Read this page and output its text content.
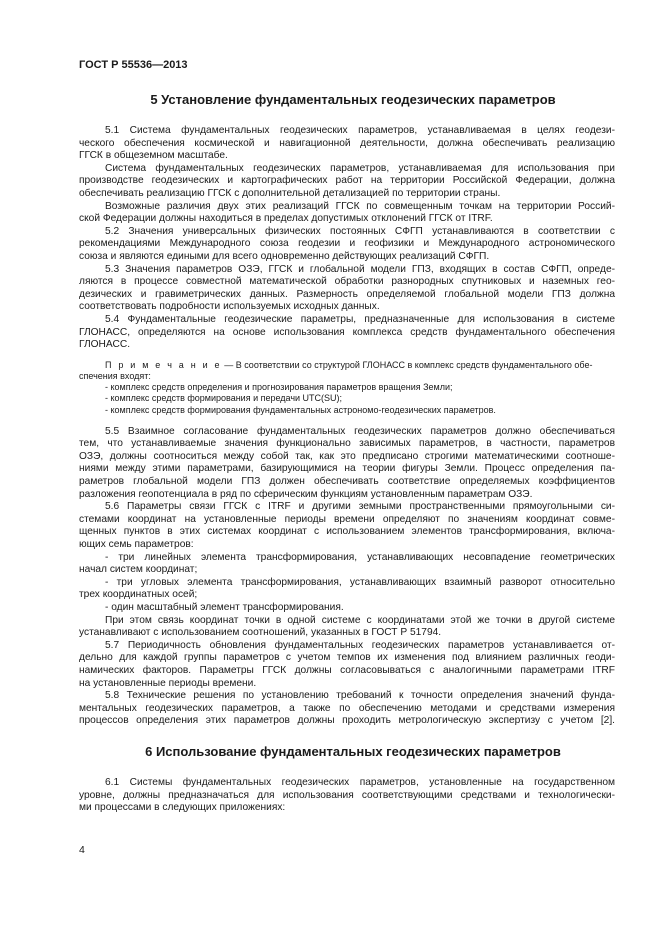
ГОСТ Р 55536—2013

5 Установление фундаментальных геодезических параметров

5.1 Система фундаментальных геодезических параметров, устанавливаемая в целях геодези-
ческого обеспечения космической и навигационной деятельности, должна обеспечивать реализацию
ГГСК в общеземном масштабе.

Система фундаментальных геодезических параметров, устанавливаемая для использования при
производстве геодезических и картографических работ на территории Российской Федерации, должна
обеспечивать реализацию ГГСК с дополнительной детализацией по территории страны.

Возможные различия двух этих реализаций ГГСК по совмещенным точкам на территории Россий-
ской Федерации должны находиться в пределах допустимых отклонений ГГСК от ITRF.

5.2 Значения универсальных физических постоянных СФГП устанавливаются в соответствии с
рекомендациями Международного союза геодезии и геофизики и Международного астрономического
союза и являются едиными для всего одновременно действующих реализаций СФГП.

5.3 Значения параметров ОЗЭ, ГГСК и глобальной модели ГПЗ, входящих в состав СФГП, опреде-
ляются в процессе совместной математической обработки разнородных спутниковых и наземных гео-
дезических и гравиметрических данных. Размерность определяемой глобальной модели ГПЗ должна
соответствовать подробности используемых исходных данных.

5.4 Фундаментальные геодезические параметры, предназначенные для использования в системе
ГЛОНАСС, определяются на основе использования комплекса средств фундаментального обеспечения
ГЛОНАСС.

П р и м е ч а н и е — В соответствии со структурой ГЛОНАСС в комплекс средств фундаментального обе-
спечения входят:
- комплекс средств определения и прогнозирования параметров вращения Земли;
- комплекс средств формирования и передачи UTC(SU);
- комплекс средств формирования фундаментальных астрономо-геодезических параметров.

5.5 Взаимное согласование фундаментальных геодезических параметров должно обеспечиваться
тем, что устанавливаемые значения функционально зависимых параметров, в частности, параметров
ОЗЭ, должны соотноситься между собой так, как это предписано строгими математическими соотноше-
ниями между этими параметрами, базирующимися на теории фигуры Земли. Процесс определения па-
раметров глобальной модели ГПЗ должен обеспечивать соответствие определяемых коэффициентов
разложения геопотенциала в ряд по сферическим функциям установленным параметрам ОЗЭ.

5.6 Параметры связи ГГСК с ITRF и другими земными пространственными прямоугольными си-
стемами координат на установленные периоды времени определяют по значениям координат совме-
щенных пунктов в этих системах координат с использованием элементов трансформирования, включа-
ющих семь параметров:

- три линейных элемента трансформирования, устанавливающих несовпадение геометрических
начал систем координат;

- три угловых элемента трансформирования, устанавливающих взаимный разворот относительно
трех координатных осей;

- один масштабный элемент трансформирования.

При этом связь координат точки в одной системе с координатами этой же точки в другой системе
устанавливают с использованием соотношений, указанных в ГОСТ Р 51794.

5.7 Периодичность обновления фундаментальных геодезических параметров устанавливается от-
дельно для каждой группы параметров с учетом темпов их изменения под влиянием различных геоди-
намических факторов. Параметры ГГСК должны согласовываться с аналогичными параметрами ITRF
на установленные периоды времени.

5.8 Технические решения по установлению требований к точности определения значений фунда-
ментальных геодезических параметров, а также по обеспечению методами и средствами измерения
процессов определения этих параметров должны проходить метрологическую экспертизу с учетом [2].

6 Использование фундаментальных геодезических параметров

6.1 Системы фундаментальных геодезических параметров, установленные на государственном
уровне, должны предназначаться для использования соответствующими средствами и технологически-
ми процессами в следующих приложениях:

4
